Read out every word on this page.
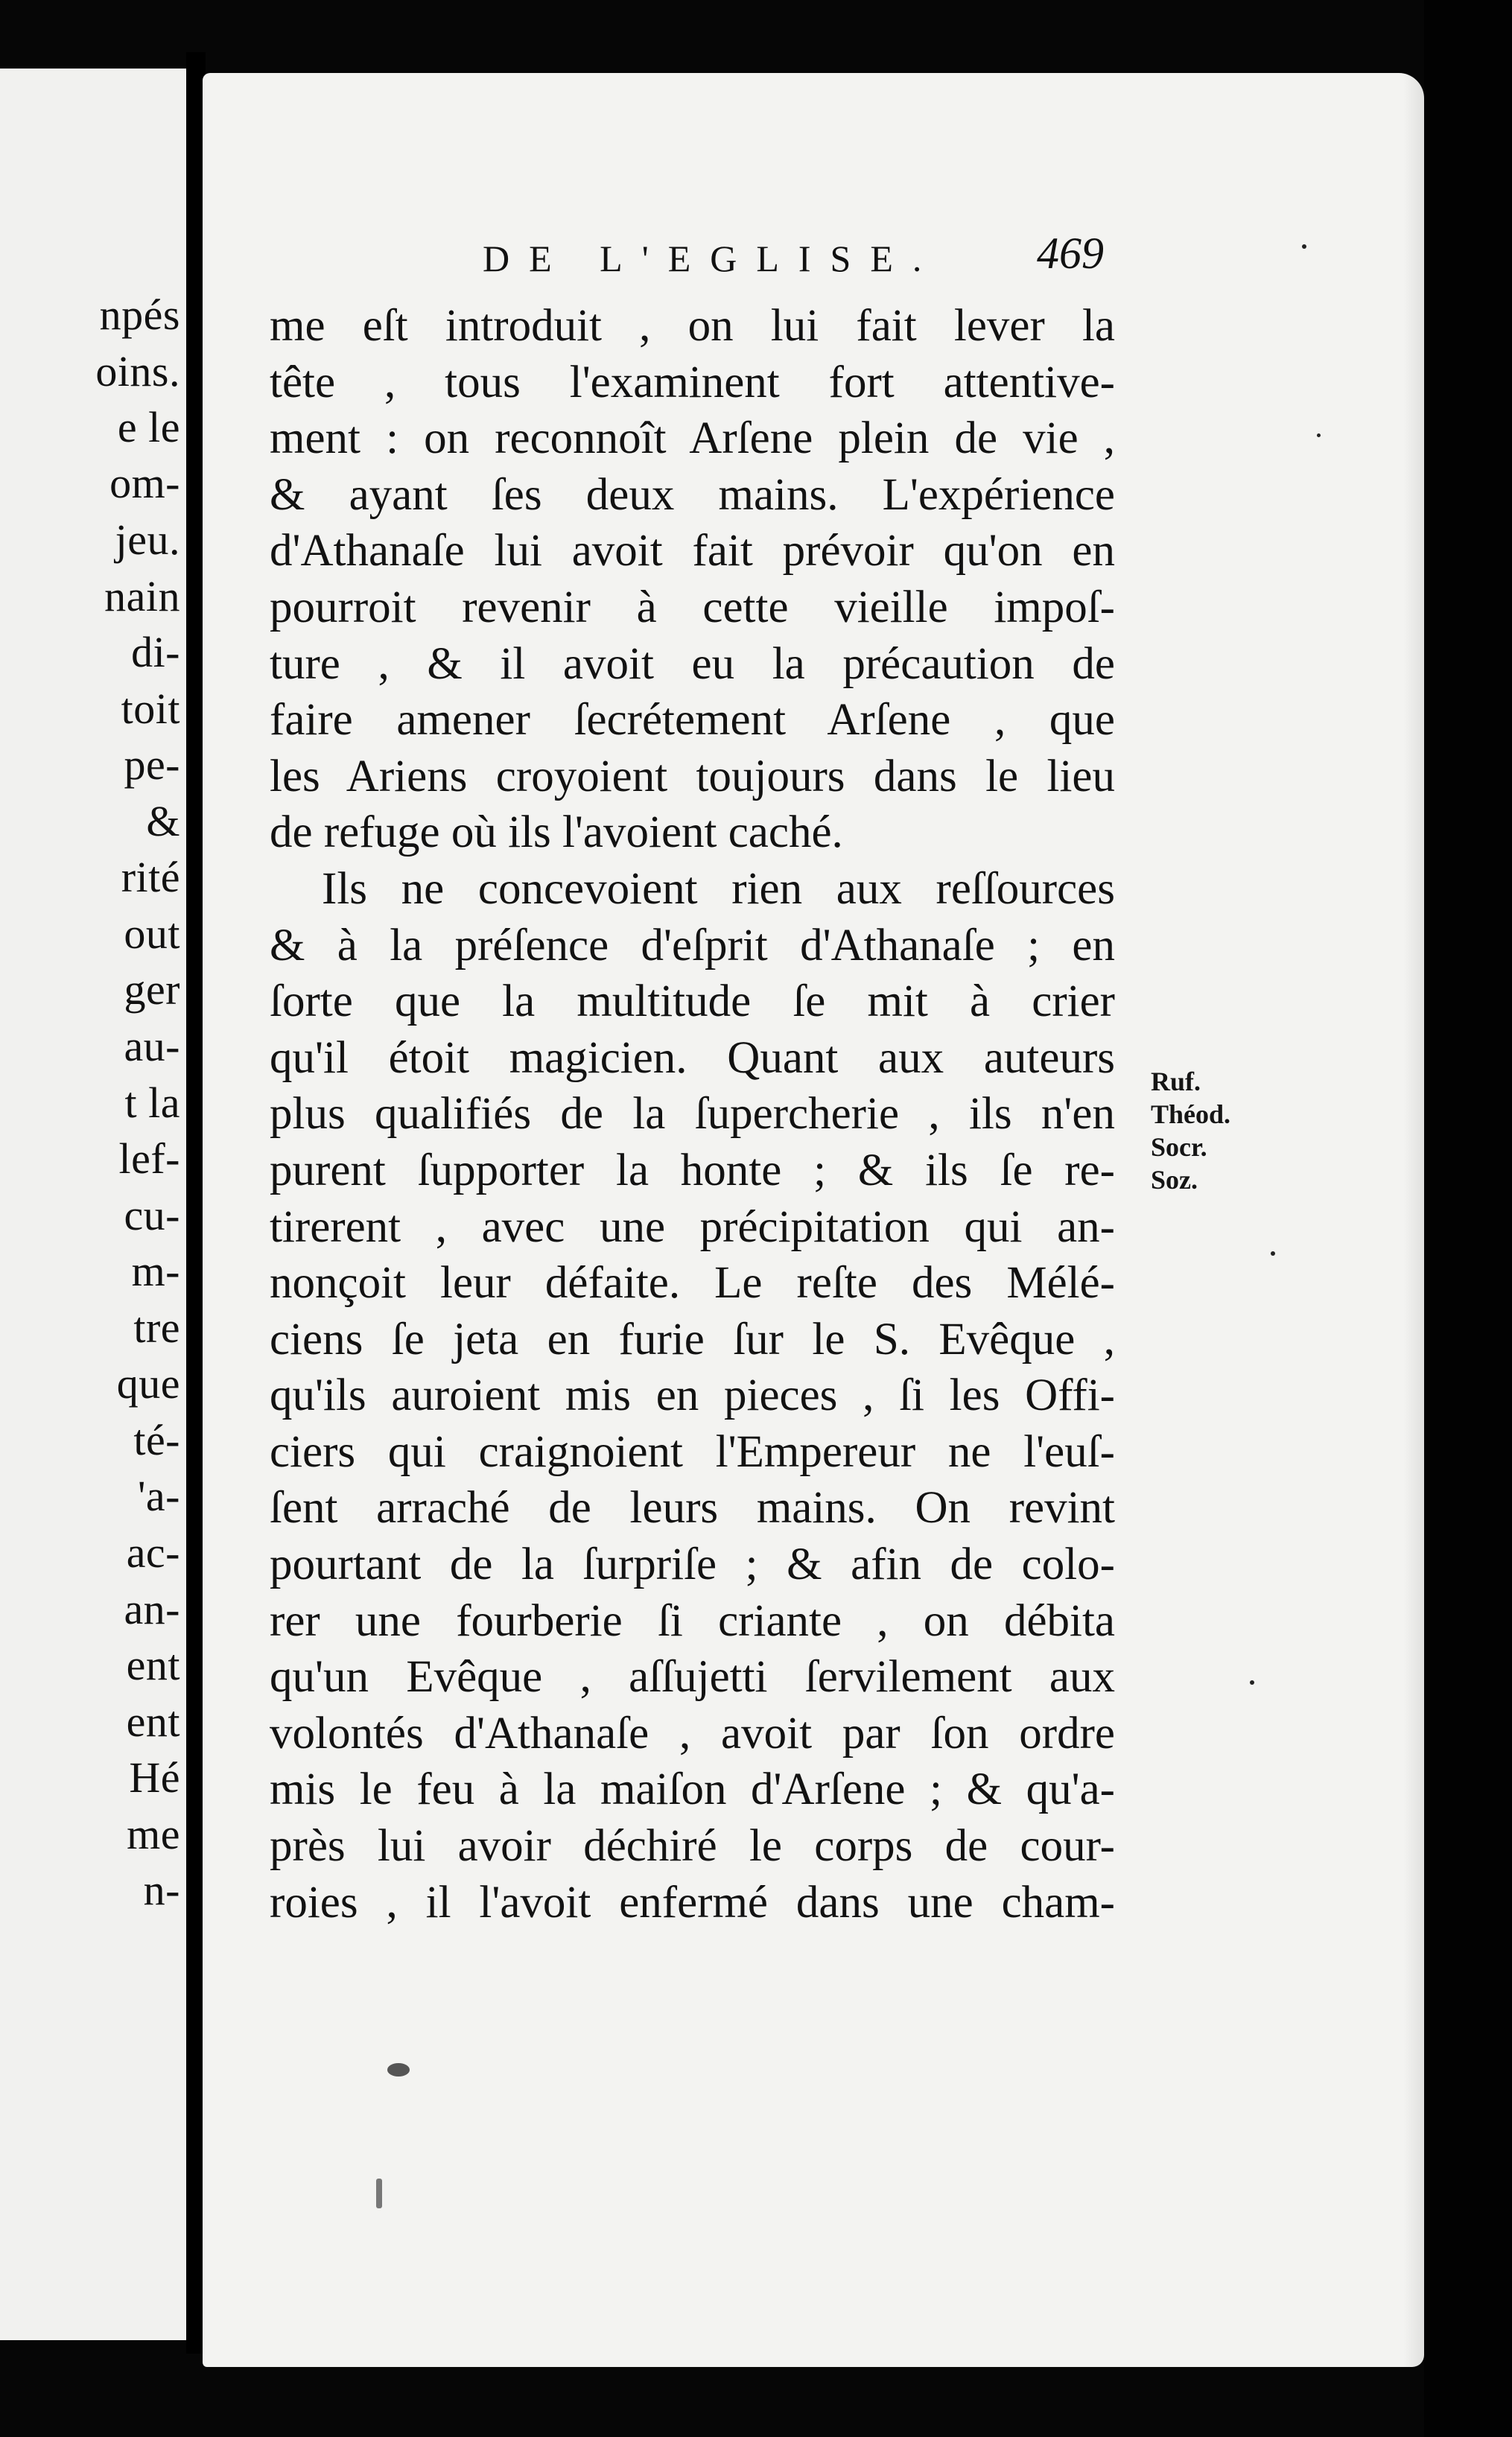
npés
oins.
e le
om-
jeu.
nain
di-
toit
pe-
&
rité
out
ger
au-
t la
lef-
cu-
m-
tre
que
té-
'a-
ac-
an-
ent
ent
Hé
me
n-
DE L'EGLISE. 469
me eſt introduit , on lui fait lever la
tête , tous l'examinent fort attentive-
ment : on reconnoît Arſene plein de vie ,
& ayant ſes deux mains. L'expérience
d'Athanaſe lui avoit fait prévoir qu'on en
pourroit revenir à cette vieille impoſ-
ture , & il avoit eu la précaution de
faire amener ſecrétement Arſene , que
les Ariens croyoient toujours dans le lieu
de refuge où ils l'avoient caché.
Ils ne concevoient rien aux reſſources
& à la préſence d'eſprit d'Athanaſe ; en
ſorte que la multitude ſe mit à crier
qu'il étoit magicien. Quant aux auteurs
plus qualifiés de la ſupercherie , ils n'en
purent ſupporter la honte ; & ils ſe re-
tirerent , avec une précipitation qui an-
nonçoit leur défaite. Le reſte des Mélé-
ciens ſe jeta en furie ſur le S. Evêque ,
qu'ils auroient mis en pieces , ſi les Offi-
ciers qui craignoient l'Empereur ne l'euſ-
ſent arraché de leurs mains. On revint
pourtant de la ſurpriſe ; & afin de colo-
rer une fourberie ſi criante , on débita
qu'un Evêque , aſſujetti ſervilement aux
volontés d'Athanaſe , avoit par ſon ordre
mis le feu à la maiſon d'Arſene ; & qu'a-
près lui avoir déchiré le corps de cour-
roies , il l'avoit enfermé dans une cham-
Ruf.
Théod.
Socr.
Soz.
